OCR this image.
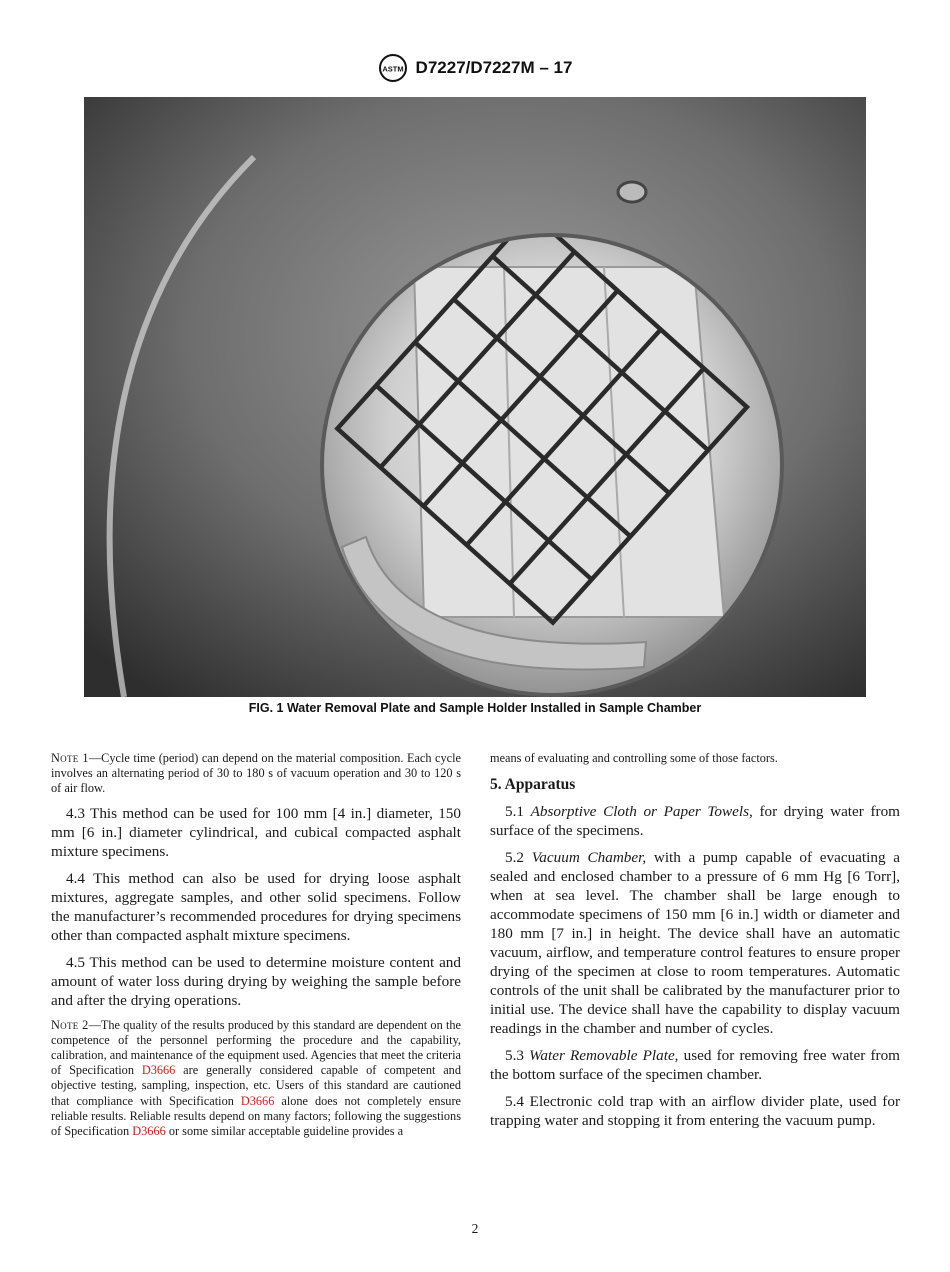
ASTM D7227/D7227M – 17
FIG. 1 Water Removal Plate and Sample Holder Installed in Sample Chamber

Note 1—Cycle time (period) can depend on the material composition. Each cycle involves an alternating period of 30 to 180 s of vacuum operation and 30 to 120 s of air flow.

4.3 This method can be used for 100 mm [4 in.] diameter, 150 mm [6 in.] diameter cylindrical, and cubical compacted asphalt mixture specimens.

4.4 This method can also be used for drying loose asphalt mixtures, aggregate samples, and other solid specimens. Follow the manufacturer’s recommended procedures for drying specimens other than compacted asphalt mixture specimens.

4.5 This method can be used to determine moisture content and amount of water loss during drying by weighing the sample before and after the drying operations.

Note 2—The quality of the results produced by this standard are dependent on the competence of the personnel performing the procedure and the capability, calibration, and maintenance of the equipment used. Agencies that meet the criteria of Specification D3666 are generally considered capable of competent and objective testing, sampling, inspection, etc. Users of this standard are cautioned that compliance with Specification D3666 alone does not completely ensure reliable results. Reliable results depend on many factors; following the suggestions of Specification D3666 or some similar acceptable guideline provides a

means of evaluating and controlling some of those factors.

5. Apparatus

5.1 Absorptive Cloth or Paper Towels, for drying water from surface of the specimens.

5.2 Vacuum Chamber, with a pump capable of evacuating a sealed and enclosed chamber to a pressure of 6 mm Hg [6 Torr], when at sea level. The chamber shall be large enough to accommodate specimens of 150 mm [6 in.] width or diameter and 180 mm [7 in.] in height. The device shall have an automatic vacuum, airflow, and temperature control features to ensure proper drying of the specimen at close to room temperatures. Automatic controls of the unit shall be calibrated by the manufacturer prior to initial use. The device shall have the capability to display vacuum readings in the chamber and number of cycles.

5.3 Water Removable Plate, used for removing free water from the bottom surface of the specimen chamber.

5.4 Electronic cold trap with an airflow divider plate, used for trapping water and stopping it from entering the vacuum pump.

2
